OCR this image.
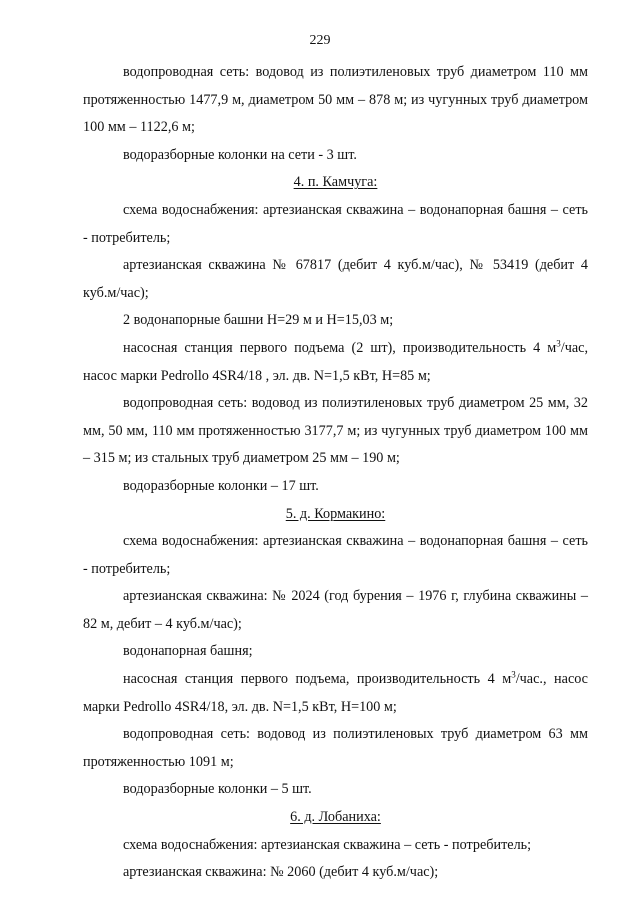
229

водопроводная сеть: водовод из полиэтиленовых труб диаметром 110 мм протяженностью 1477,9 м, диаметром 50 мм – 878 м; из чугунных труб диаметром 100 мм – 1122,6 м;

водоразборные колонки на сети - 3 шт.

4. п. Камчуга:

схема водоснабжения: артезианская скважина – водонапорная башня – сеть - потребитель;

артезианская скважина № 67817 (дебит 4 куб.м/час), № 53419 (дебит 4 куб.м/час);

2 водонапорные башни H=29 м и H=15,03 м;

насосная станция первого подъема (2 шт), производительность 4 $м^3$/час, насос марки Pedrollo 4SR4/18 , эл. дв. N=1,5 кВт, H=85 м;

водопроводная сеть: водовод из полиэтиленовых труб диаметром 25 мм, 32 мм, 50 мм, 110 мм протяженностью 3177,7 м; из чугунных труб диаметром 100 мм – 315 м; из стальных труб диаметром 25 мм – 190 м;

водоразборные колонки – 17 шт.

5. д. Кормакино:

схема водоснабжения: артезианская скважина – водонапорная башня – сеть - потребитель;

артезианская скважина: № 2024 (год бурения – 1976 г, глубина скважины – 82 м, дебит – 4 куб.м/час);

водонапорная башня;

насосная станция первого подъема, производительность 4 $м^3$/час., насос марки Pedrollo 4SR4/18, эл. дв. N=1,5 кВт, H=100 м;

водопроводная сеть: водовод из полиэтиленовых труб диаметром 63 мм протяженностью 1091 м;

водоразборные колонки – 5 шт.

6. д. Лобаниха:

схема водоснабжения: артезианская скважина – сеть - потребитель;

артезианская скважина: № 2060 (дебит 4 куб.м/час);
